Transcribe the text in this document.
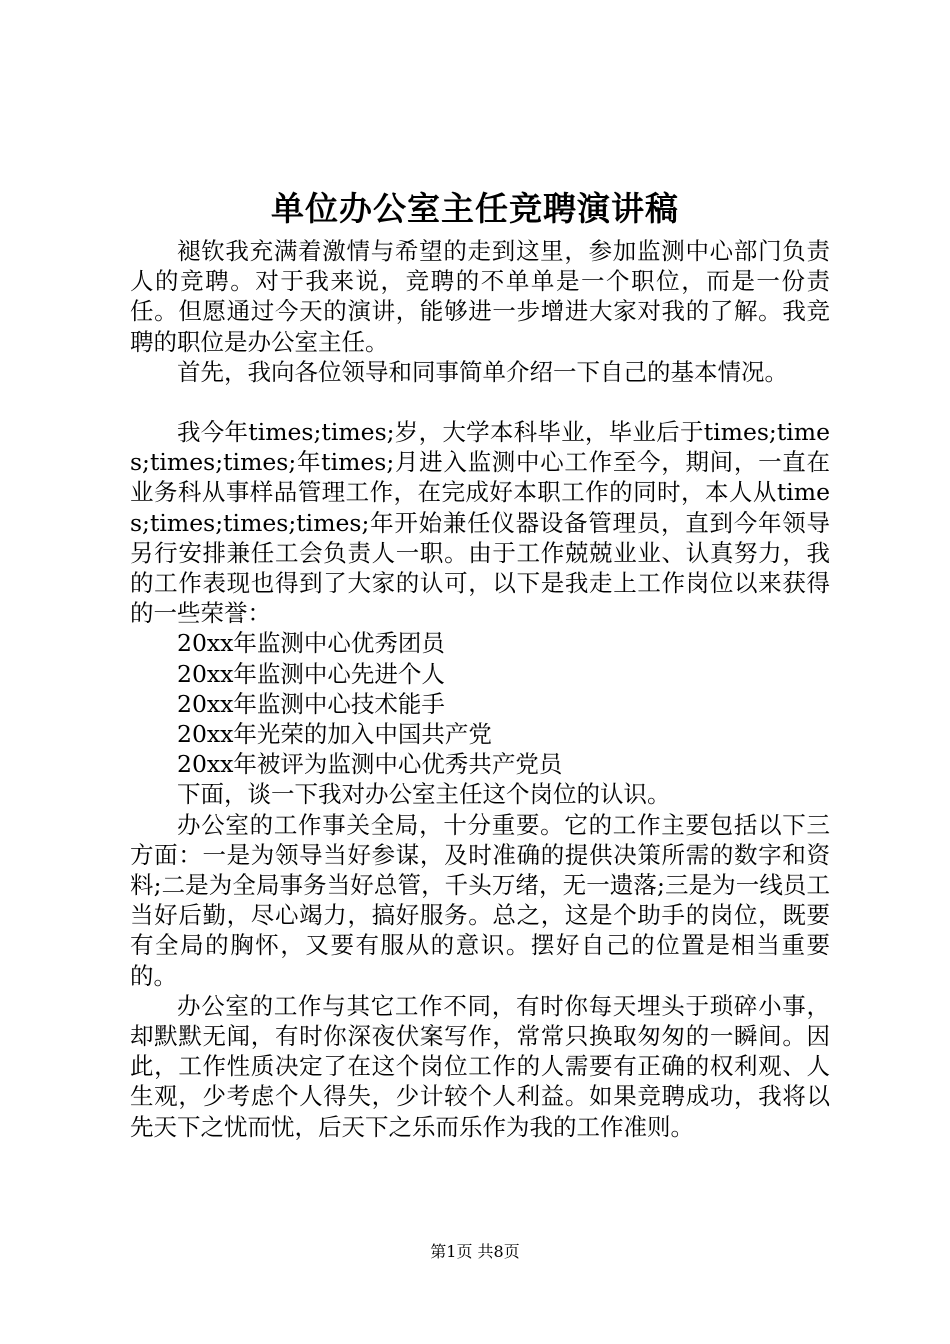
单位办公室主任竞聘演讲稿

褪钦我充满着激情与希望的走到这里，参加监测中心部门负责人的竞聘。对于我来说，竞聘的不单单是一个职位，而是一份责任。但愿通过今天的演讲，能够进一步增进大家对我的了解。我竞聘的职位是办公室主任。

首先，我向各位领导和同事简单介绍一下自己的基本情况。

我今年times;times;岁，大学本科毕业，毕业后于times;times;times;times;年times;月进入监测中心工作至今，期间，一直在业务科从事样品管理工作，在完成好本职工作的同时，本人从times;times;times;times;年开始兼任仪器设备管理员，直到今年领导另行安排兼任工会负责人一职。由于工作兢兢业业、认真努力，我的工作表现也得到了大家的认可，以下是我走上工作岗位以来获得的一些荣誉：

20xx年监测中心优秀团员

20xx年监测中心先进个人

20xx年监测中心技术能手

20xx年光荣的加入中国共产党

20xx年被评为监测中心优秀共产党员

下面，谈一下我对办公室主任这个岗位的认识。

办公室的工作事关全局，十分重要。它的工作主要包括以下三方面：一是为领导当好参谋，及时准确的提供决策所需的数字和资料;二是为全局事务当好总管，千头万绪，无一遗落;三是为一线员工当好后勤，尽心竭力，搞好服务。总之，这是个助手的岗位，既要有全局的胸怀，又要有服从的意识。摆好自己的位置是相当重要的。

办公室的工作与其它工作不同，有时你每天埋头于琐碎小事，却默默无闻，有时你深夜伏案写作，常常只换取匆匆的一瞬间。因此，工作性质决定了在这个岗位工作的人需要有正确的权利观、人生观，少考虑个人得失，少计较个人利益。如果竞聘成功，我将以先天下之忧而忧，后天下之乐而乐作为我的工作准则。

第1页 共8页
